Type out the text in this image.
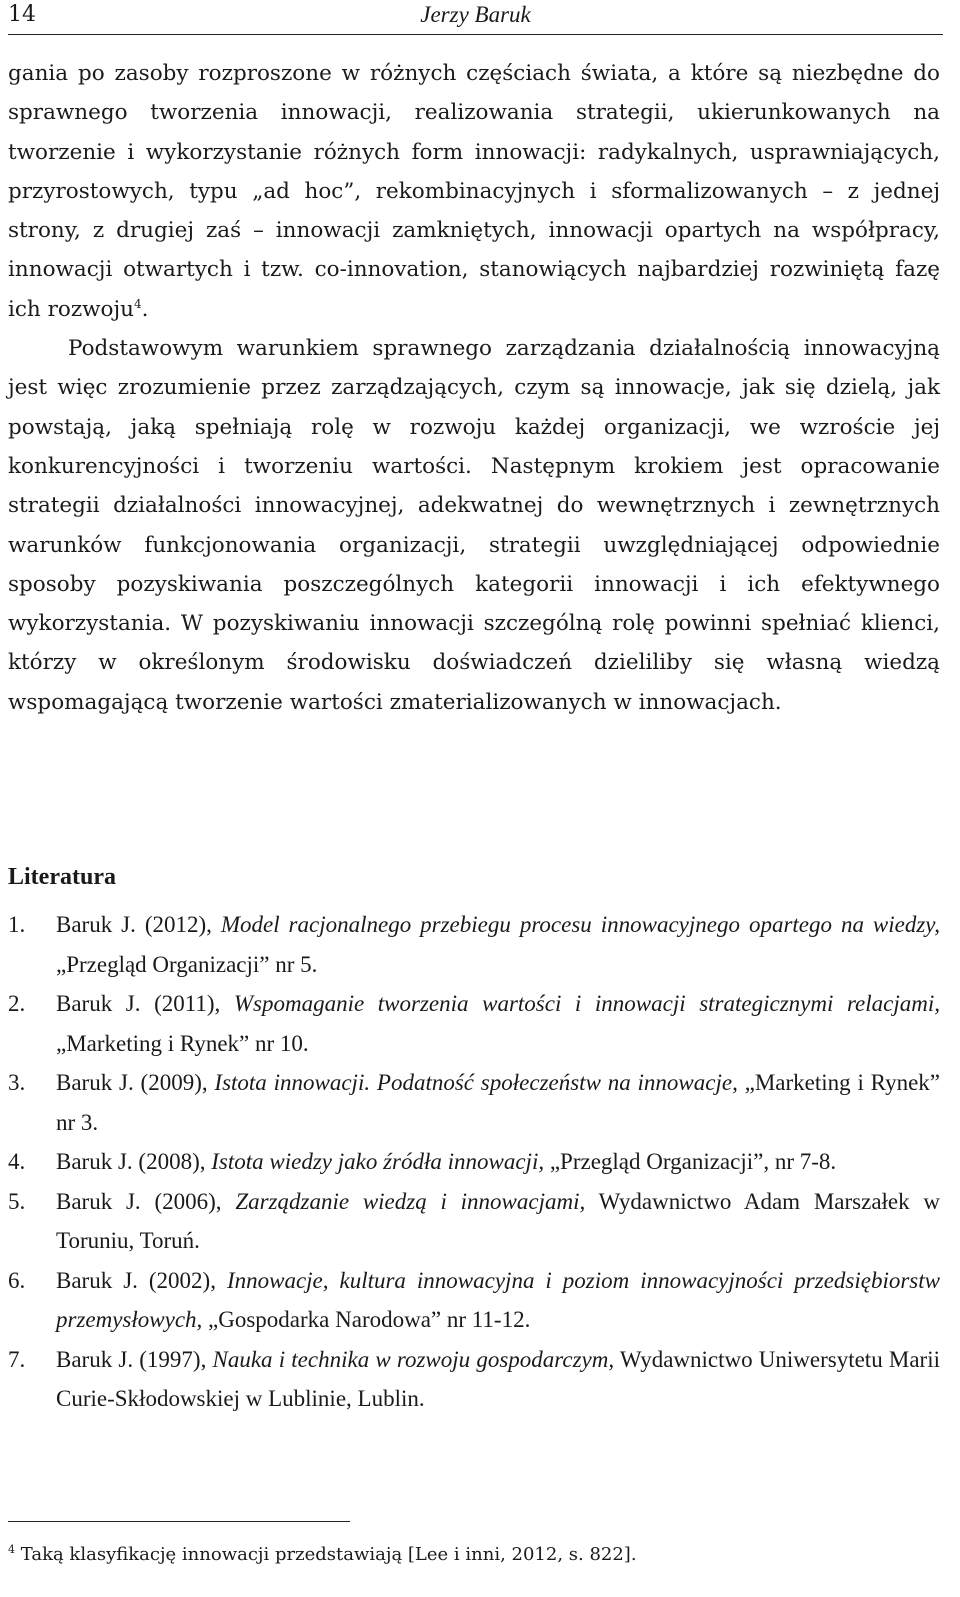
14	Jerzy Baruk

gania po zasoby rozproszone w różnych częściach świata, a które są niezbędne do sprawnego tworzenia innowacji, realizowania strategii, ukierunkowanych na tworzenie i wykorzystanie różnych form innowacji: radykalnych, usprawniających, przyrostowych, typu „ad hoc”, rekombinacyjnych i sformalizowanych – z jednej strony, z drugiej zaś – innowacji zamkniętych, innowacji opartych na współpracy, innowacji otwartych i tzw. co-innovation, stanowiących najbardziej rozwiniętą fazę ich rozwoju$^4$.

Podstawowym warunkiem sprawnego zarządzania działalnością innowacyjną jest więc zrozumienie przez zarządzających, czym są innowacje, jak się dzielą, jak powstają, jaką spełniają rolę w rozwoju każdej organizacji, we wzroście jej konkurencyjności i tworzeniu wartości. Następnym krokiem jest opracowanie strategii działalności innowacyjnej, adekwatnej do wewnętrznych i zewnętrznych warunków funkcjonowania organizacji, strategii uwzględniającej odpowiednie sposoby pozyskiwania poszczególnych kategorii innowacji i ich efektywnego wykorzystania. W pozyskiwaniu innowacji szczególną rolę powinni spełniać klienci, którzy w określonym środowisku doświadczeń dzieliliby się własną wiedzą wspomagającą tworzenie wartości zmaterializowanych w innowacjach.

Literatura
1. Baruk J. (2012), Model racjonalnego przebiegu procesu innowacyjnego opartego na wiedzy, „Przegląd Organizacji” nr 5.
2. Baruk J. (2011), Wspomaganie tworzenia wartości i innowacji strategicznymi relacjami, „Marketing i Rynek” nr 10.
3. Baruk J. (2009), Istota innowacji. Podatność społeczeństw na innowacje, „Marketing i Rynek” nr 3.
4. Baruk J. (2008), Istota wiedzy jako źródła innowacji, „Przegląd Organizacji”, nr 7-8.
5. Baruk J. (2006), Zarządzanie wiedzą i innowacjami, Wydawnictwo Adam Marszałek w Toruniu, Toruń.
6. Baruk J. (2002), Innowacje, kultura innowacyjna i poziom innowacyjności przedsiębiorstw przemysłowych, „Gospodarka Narodowa” nr 11-12.
7. Baruk J. (1997), Nauka i technika w rozwoju gospodarczym, Wydawnictwo Uniwersytetu Marii Curie-Skłodowskiej w Lublinie, Lublin.
$^4$ Taką klasyfikację innowacji przedstawiają [Lee i inni, 2012, s. 822].
